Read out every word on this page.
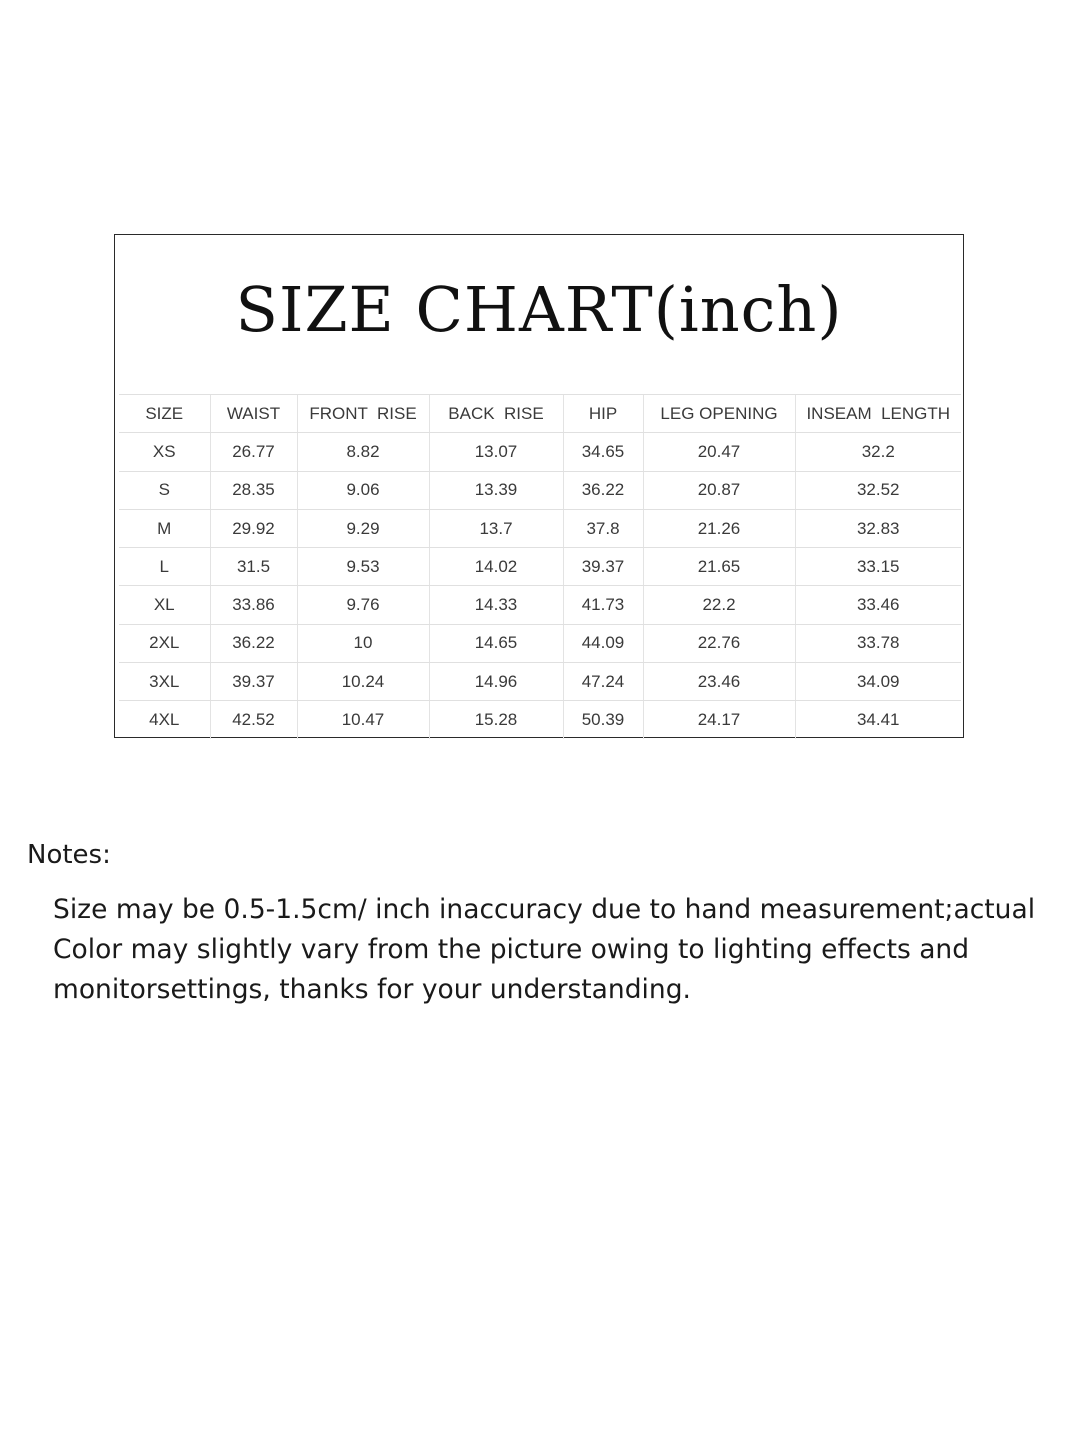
SIZE CHART(inch)
SIZE	WAIST	FRONT  RISE	BACK  RISE	HIP	LEG OPENING	INSEAM  LENGTH
XS	26.77	8.82	13.07	34.65	20.47	32.2
S	28.35	9.06	13.39	36.22	20.87	32.52
M	29.92	9.29	13.7	37.8	21.26	32.83
L	31.5	9.53	14.02	39.37	21.65	33.15
XL	33.86	9.76	14.33	41.73	22.2	33.46
2XL	36.22	10	14.65	44.09	22.76	33.78
3XL	39.37	10.24	14.96	47.24	23.46	34.09
4XL	42.52	10.47	15.28	50.39	24.17	34.41
Notes:
Size may be 0.5-1.5cm/ inch inaccuracy due to hand measurement;actual
Color may slightly vary from the picture owing to lighting effects and
monitorsettings, thanks for your understanding.
